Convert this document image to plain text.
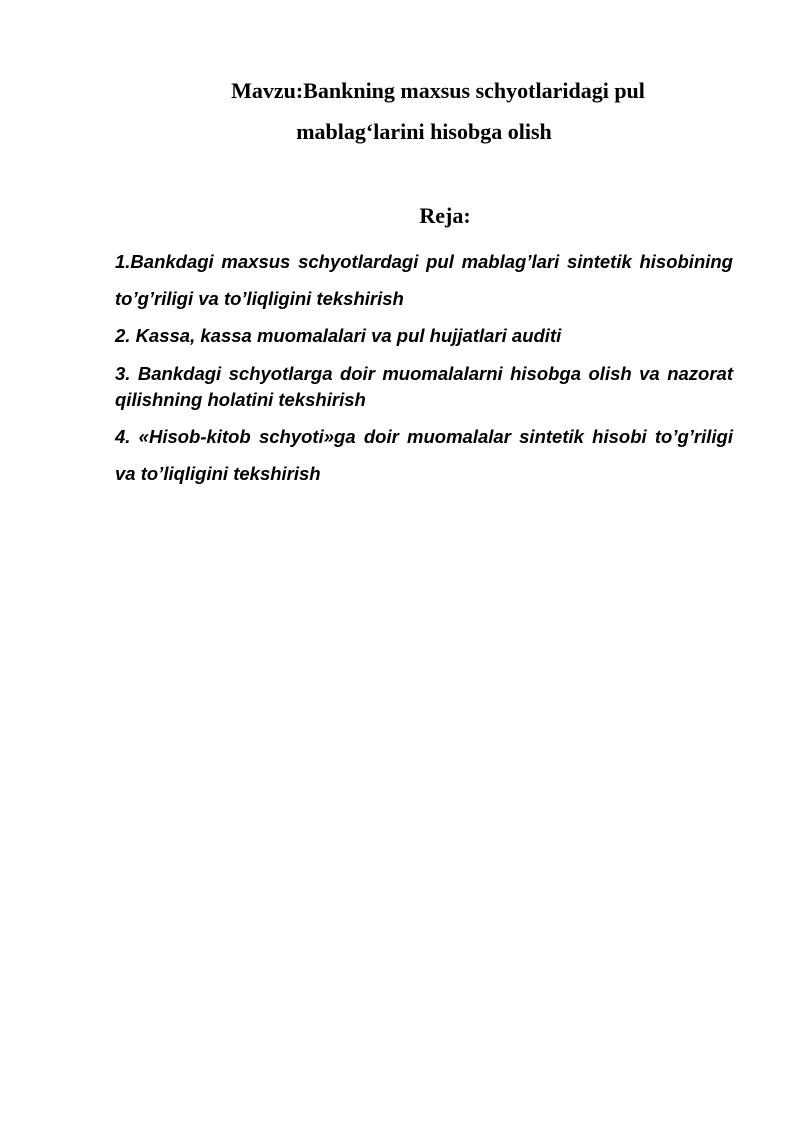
Mavzu:Bankning maxsus schyotlaridagi pul
mablag‘larini hisobga olish
Reja:

1.Bankdagi maxsus schyotlardagi pul mablag’lari sintetik hisobining to’g’riligi va to’liqligini tekshirish

2. Kassa, kassa muomalalari va pul hujjatlari auditi

3. Bankdagi schyotlarga doir muomalalarni hisobga olish va nazorat qilishning holatini tekshirish

4. «Hisob-kitob schyoti»ga doir muomalalar sintetik hisobi to’g’riligi va to’liqligini tekshirish
